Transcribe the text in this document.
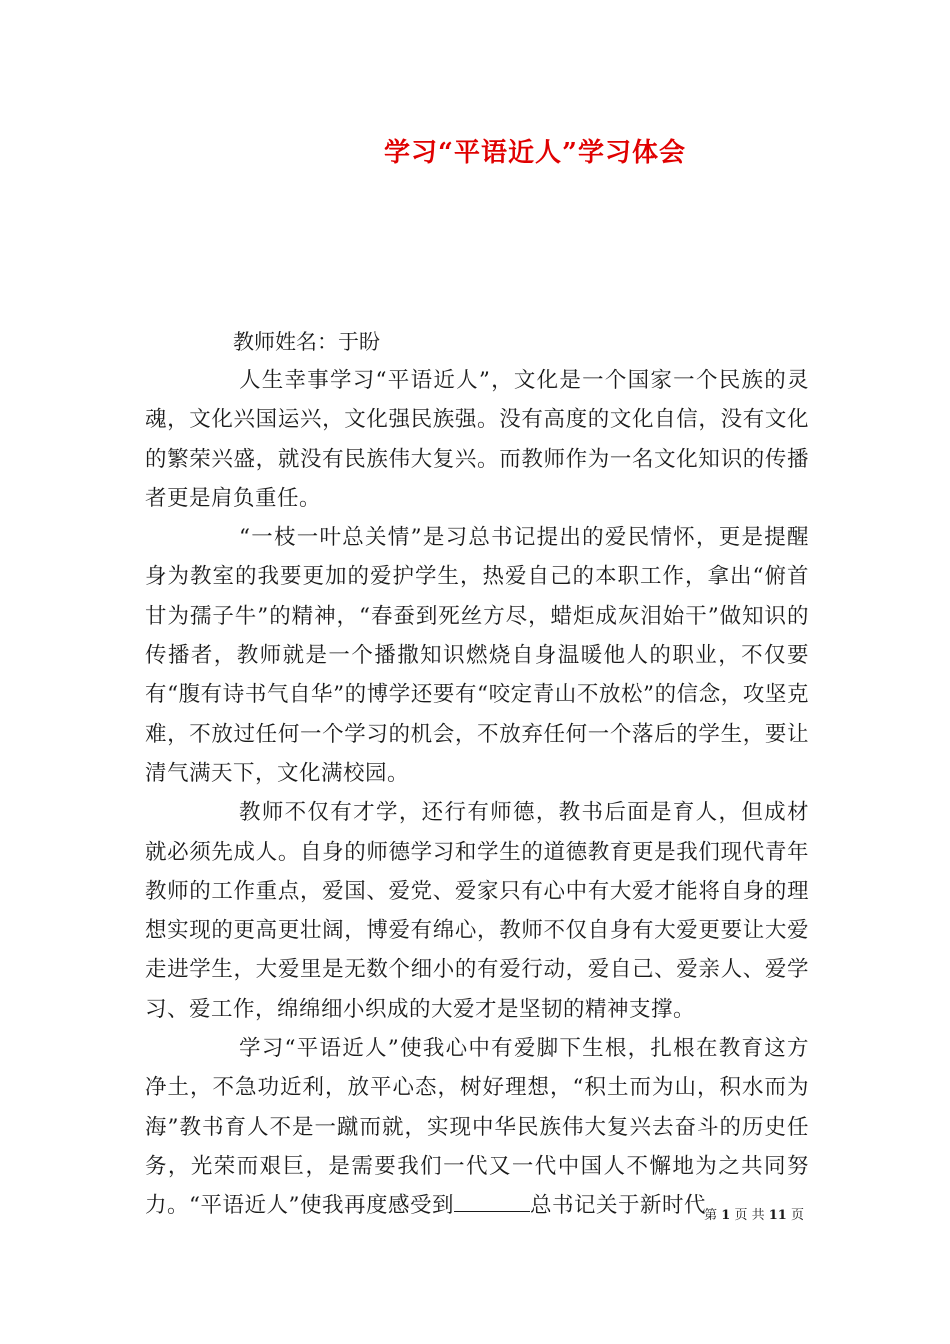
学习“平语近人”学习体会
教师姓名：于盼

人生幸事学习“平语近人”，文化是一个国家一个民族的灵魂，文化兴国运兴，文化强民族强。没有高度的文化自信，没有文化的繁荣兴盛，就没有民族伟大复兴。而教师作为一名文化知识的传播者更是肩负重任。

“一枝一叶总关情”是习总书记提出的爱民情怀，更是提醒身为教室的我要更加的爱护学生，热爱自己的本职工作，拿出“俯首甘为孺子牛”的精神，“春蚕到死丝方尽，蜡炬成灰泪始干”做知识的传播者，教师就是一个播撒知识燃烧自身温暖他人的职业，不仅要有“腹有诗书气自华”的博学还要有“咬定青山不放松”的信念，攻坚克难，不放过任何一个学习的机会，不放弃任何一个落后的学生，要让清气满天下，文化满校园。

教师不仅有才学，还行有师德，教书后面是育人，但成材就必须先成人。自身的师德学习和学生的道德教育更是我们现代青年教师的工作重点，爱国、爱党、爱家只有心中有大爱才能将自身的理想实现的更高更壮阔，博爱有绵心，教师不仅自身有大爱更要让大爱走进学生，大爱里是无数个细小的有爱行动，爱自己、爱亲人、爱学习、爱工作，绵绵细小织成的大爱才是坚韧的精神支撑。

学习“平语近人”使我心中有爱脚下生根，扎根在教育这方净土，不急功近利，放平心态，树好理想，“积土而为山，积水而为海”教书育人不是一蹴而就，实现中华民族伟大复兴去奋斗的历史任务，光荣而艰巨，是需要我们一代又一代中国人不懈地为之共同努力。“平语近人”使我再度感受到	总书记关于新时代

第 1 页 共 11 页
